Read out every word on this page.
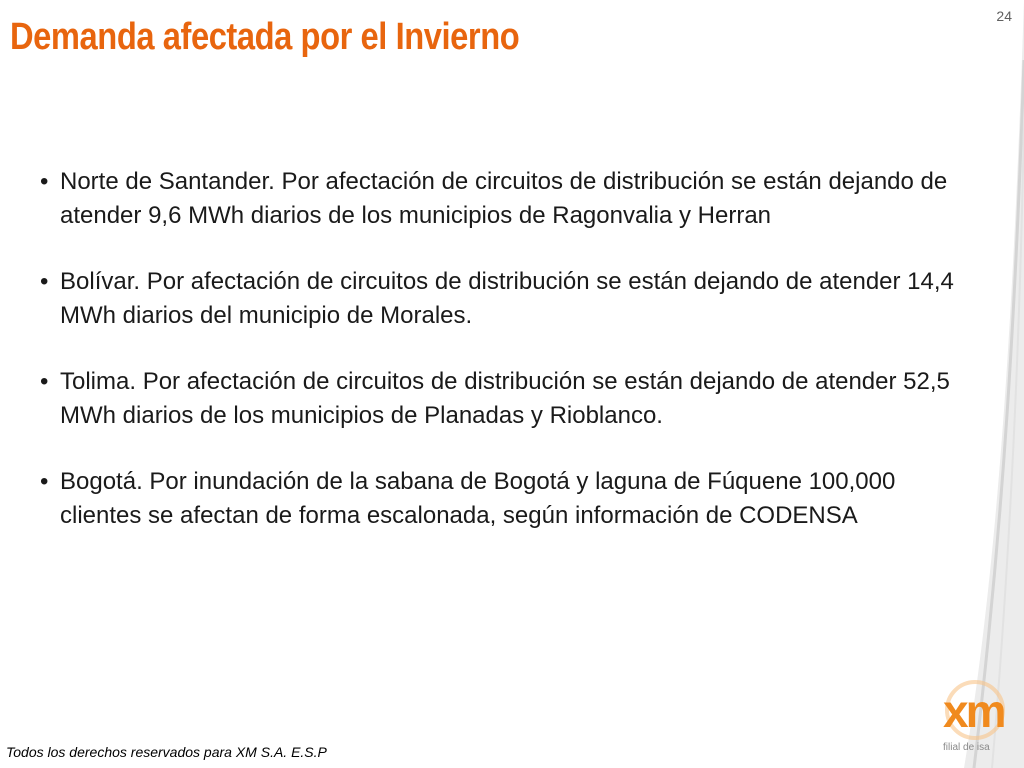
Demanda afectada por el Invierno	24
• Norte de Santander. Por afectación de circuitos de distribución se están dejando de atender 9,6 MWh diarios de los municipios de Ragonvalia y Herran
• Bolívar. Por afectación de circuitos de distribución se están dejando de atender 14,4 MWh diarios del municipio de Morales.
• Tolima. Por afectación de circuitos de distribución se están dejando de atender 52,5 MWh diarios de los municipios de Planadas y Rioblanco.
• Bogotá. Por inundación de la sabana de Bogotá y laguna de Fúquene 100,000 clientes se afectan de forma escalonada, según información de CODENSA
Todos los derechos reservados para XM S.A. E.S.P
xm
filial de isa
